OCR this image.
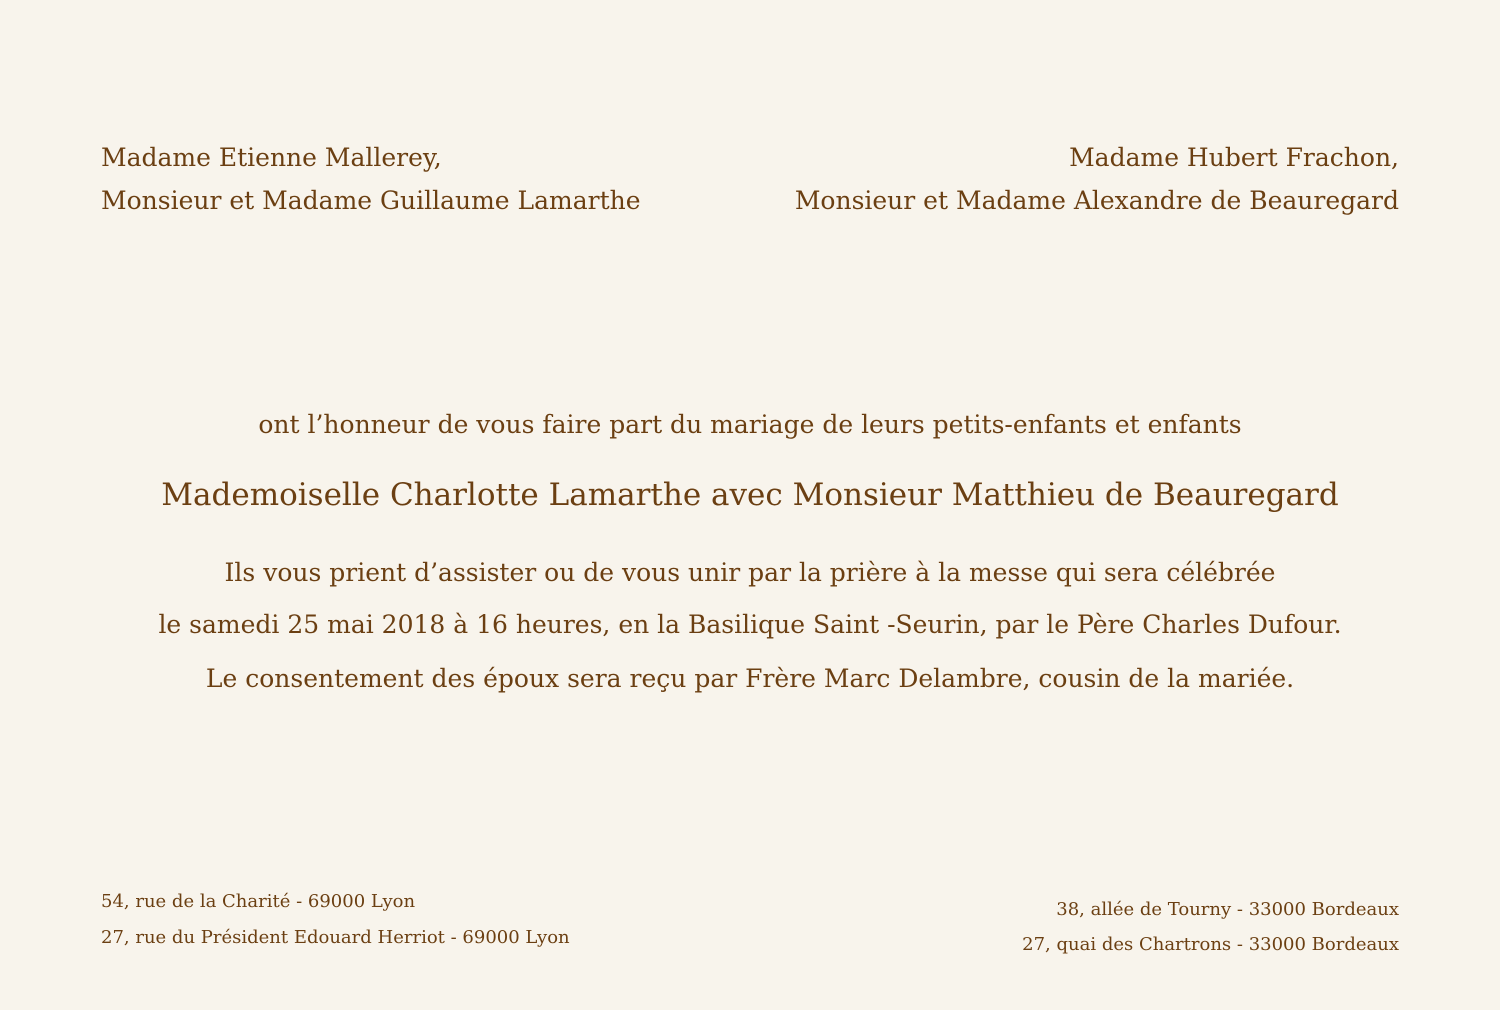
Madame Etienne Mallerey,
Monsieur et Madame Guillaume Lamarthe
Madame Hubert Frachon,
Monsieur et Madame Alexandre de Beauregard
ont l’honneur de vous faire part du mariage de leurs petits-enfants et enfants
Mademoiselle Charlotte Lamarthe avec Monsieur Matthieu de Beauregard
Ils vous prient d’assister ou de vous unir par la prière à la messe qui sera célébrée
le samedi 25 mai 2018 à 16 heures, en la Basilique Saint -Seurin, par le Père Charles Dufour.
Le consentement des époux sera reçu par Frère Marc Delambre, cousin de la mariée.
54, rue de la Charité - 69000 Lyon
27, rue du Président Edouard Herriot - 69000 Lyon
38, allée de Tourny - 33000 Bordeaux
27, quai des Chartrons - 33000 Bordeaux
